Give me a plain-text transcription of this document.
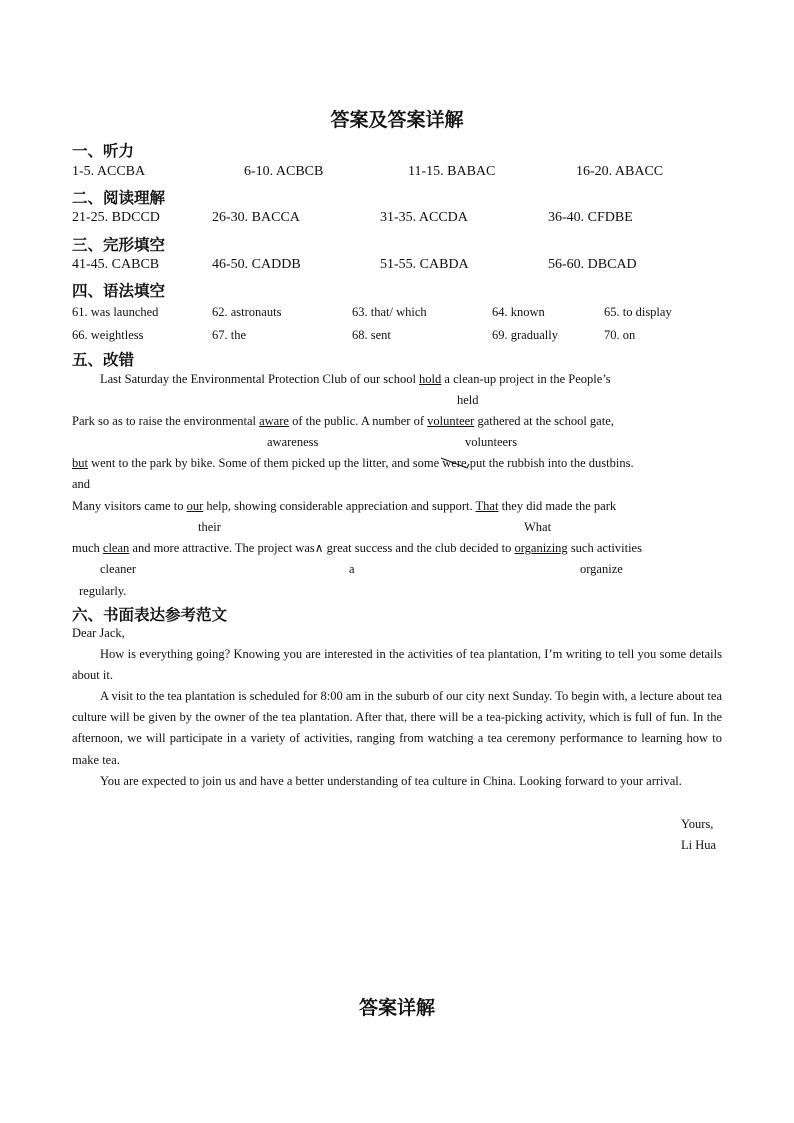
答案及答案详解
一、听力
1-5. ACCBA	6-10. ACBCB	11-15. BABAC	16-20. ABACC
二、阅读理解
21-25. BDCCD	26-30. BACCA	31-35. ACCDA	36-40. CFDBE
三、完形填空
41-45. CABCB	46-50. CADDB	51-55. CABDA	56-60. DBCAD
四、语法填空
61. was launched	62. astronauts	63. that/ which	64. known	65. to display
66. weightless	67. the	68. sent	69. gradually	70. on
五、改错
Last Saturday the Environmental Protection Club of our school hold a clean-up project in the People’s
held
Park so as to raise the environmental aware of the public. A number of volunteer gathered at the school gate,
awareness	volunteers
but went to the park by bike. Some of them picked up the litter, and some were
put the rubbish into the dustbins.
and
Many visitors came to our help, showing considerable appreciation and support. That they did made the park
their	What
much clean and more attractive. The project was∧ great success and the club decided to organizing such activities
cleaner	a	organize
regularly.
六、书面表达参考范文
Dear Jack,
How is everything going? Knowing you are interested in the activities of tea plantation, I’m writing to tell you some details about it.
A visit to the tea plantation is scheduled for 8:00 am in the suburb of our city next Sunday. To begin with, a lecture about tea culture will be given by the owner of the tea plantation. After that, there will be a tea-picking activity, which is full of fun. In the afternoon, we will participate in a variety of activities, ranging from watching a tea ceremony performance to learning how to make tea.
You are expected to join us and have a better understanding of tea culture in China. Looking forward to your arrival.
Yours,
Li Hua
答案详解
